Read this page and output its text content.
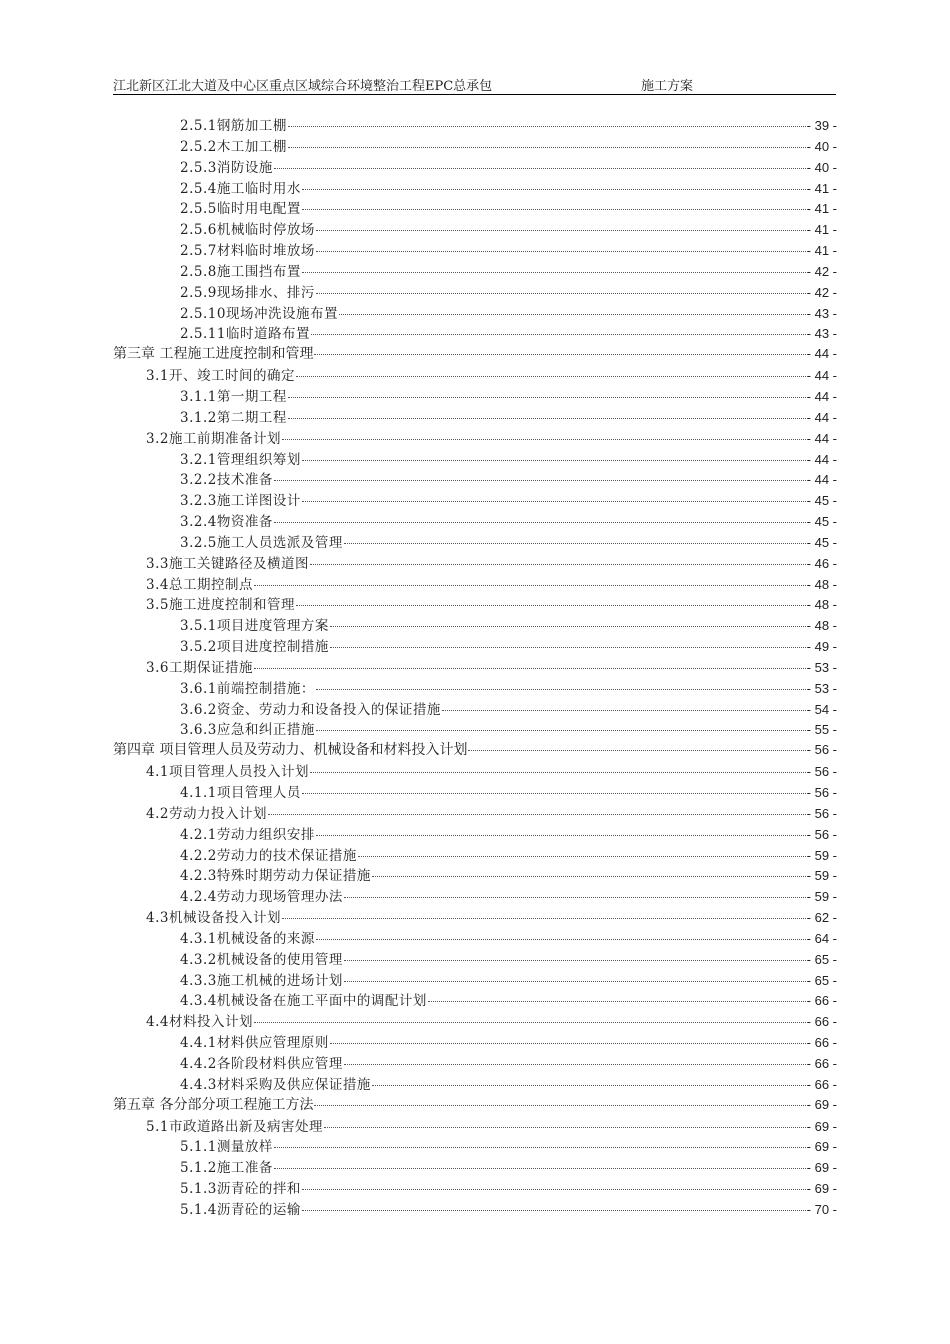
江北新区江北大道及中心区重点区域综合环境整治工程EPC总承包	施工方案
2.5.1钢筋加工棚	- 39 -
2.5.2木工加工棚	- 40 -
2.5.3消防设施	- 40 -
2.5.4施工临时用水	- 41 -
2.5.5临时用电配置	- 41 -
2.5.6机械临时停放场	- 41 -
2.5.7材料临时堆放场	- 41 -
2.5.8施工围挡布置	- 42 -
2.5.9现场排水、排污	- 42 -
2.5.10现场冲洗设施布置	- 43 -
2.5.11临时道路布置	- 43 -
第三章 工程施工进度控制和管理	- 44 -
3.1开、竣工时间的确定	- 44 -
3.1.1第一期工程	- 44 -
3.1.2第二期工程	- 44 -
3.2施工前期准备计划	- 44 -
3.2.1管理组织筹划	- 44 -
3.2.2技术准备	- 44 -
3.2.3施工详图设计	- 45 -
3.2.4物资准备	- 45 -
3.2.5施工人员选派及管理	- 45 -
3.3施工关键路径及横道图	- 46 -
3.4总工期控制点	- 48 -
3.5施工进度控制和管理	- 48 -
3.5.1项目进度管理方案	- 48 -
3.5.2项目进度控制措施	- 49 -
3.6工期保证措施	- 53 -
3.6.1前端控制措施：	- 53 -
3.6.2资金、劳动力和设备投入的保证措施	- 54 -
3.6.3应急和纠正措施	- 55 -
第四章 项目管理人员及劳动力、机械设备和材料投入计划	- 56 -
4.1项目管理人员投入计划	- 56 -
4.1.1项目管理人员	- 56 -
4.2劳动力投入计划	- 56 -
4.2.1劳动力组织安排	- 56 -
4.2.2劳动力的技术保证措施	- 59 -
4.2.3特殊时期劳动力保证措施	- 59 -
4.2.4劳动力现场管理办法	- 59 -
4.3机械设备投入计划	- 62 -
4.3.1机械设备的来源	- 64 -
4.3.2机械设备的使用管理	- 65 -
4.3.3施工机械的进场计划	- 65 -
4.3.4机械设备在施工平面中的调配计划	- 66 -
4.4材料投入计划	- 66 -
4.4.1材料供应管理原则	- 66 -
4.4.2各阶段材料供应管理	- 66 -
4.4.3材料采购及供应保证措施	- 66 -
第五章 各分部分项工程施工方法	- 69 -
5.1市政道路出新及病害处理	- 69 -
5.1.1测量放样	- 69 -
5.1.2施工准备	- 69 -
5.1.3沥青砼的拌和	- 69 -
5.1.4沥青砼的运输	- 70 -
